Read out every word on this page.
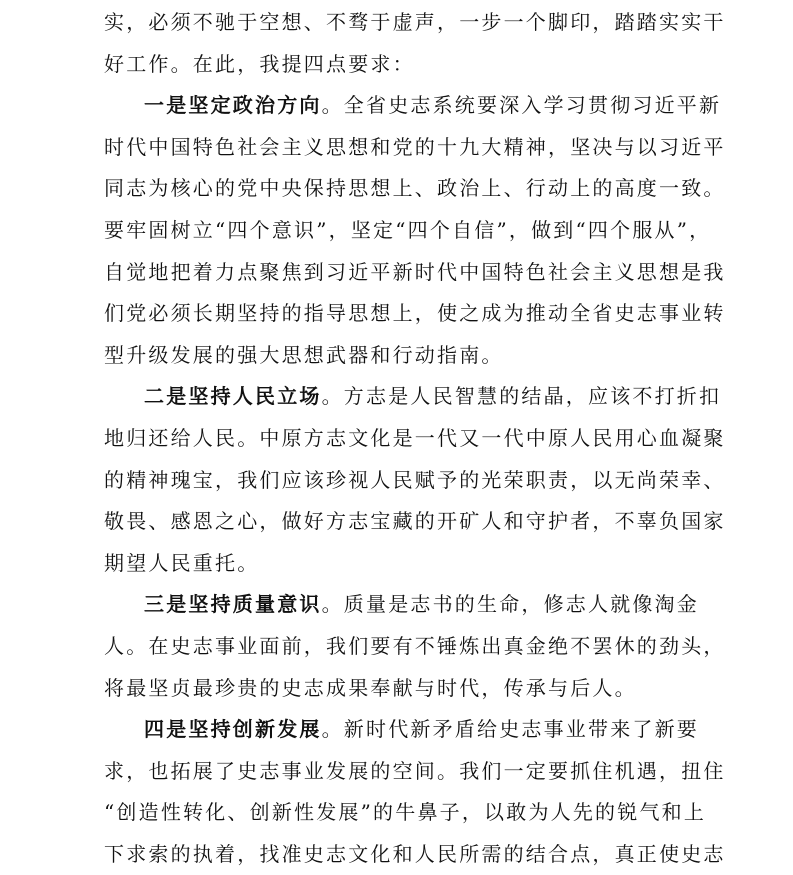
实，必须不驰于空想、不骛于虚声，一步一个脚印，踏踏实实干
好工作。在此，我提四点要求：
一是坚定政治方向。全省史志系统要深入学习贯彻习近平新
时代中国特色社会主义思想和党的十九大精神，坚决与以习近平
同志为核心的党中央保持思想上、政治上、行动上的高度一致。
要牢固树立“四个意识”，坚定“四个自信”，做到“四个服从”，
自觉地把着力点聚焦到习近平新时代中国特色社会主义思想是我
们党必须长期坚持的指导思想上，使之成为推动全省史志事业转
型升级发展的强大思想武器和行动指南。
二是坚持人民立场。方志是人民智慧的结晶，应该不打折扣
地归还给人民。中原方志文化是一代又一代中原人民用心血凝聚
的精神瑰宝，我们应该珍视人民赋予的光荣职责，以无尚荣幸、
敬畏、感恩之心，做好方志宝藏的开矿人和守护者，不辜负国家
期望人民重托。
三是坚持质量意识。质量是志书的生命，修志人就像淘金
人。在史志事业面前，我们要有不锤炼出真金绝不罢休的劲头，
将最坚贞最珍贵的史志成果奉献与时代，传承与后人。
四是坚持创新发展。新时代新矛盾给史志事业带来了新要
求，也拓展了史志事业发展的空间。我们一定要抓住机遇，扭住
“创造性转化、创新性发展”的牛鼻子，以敢为人先的锐气和上
下求索的执着，找准史志文化和人民所需的结合点，真正使史志
